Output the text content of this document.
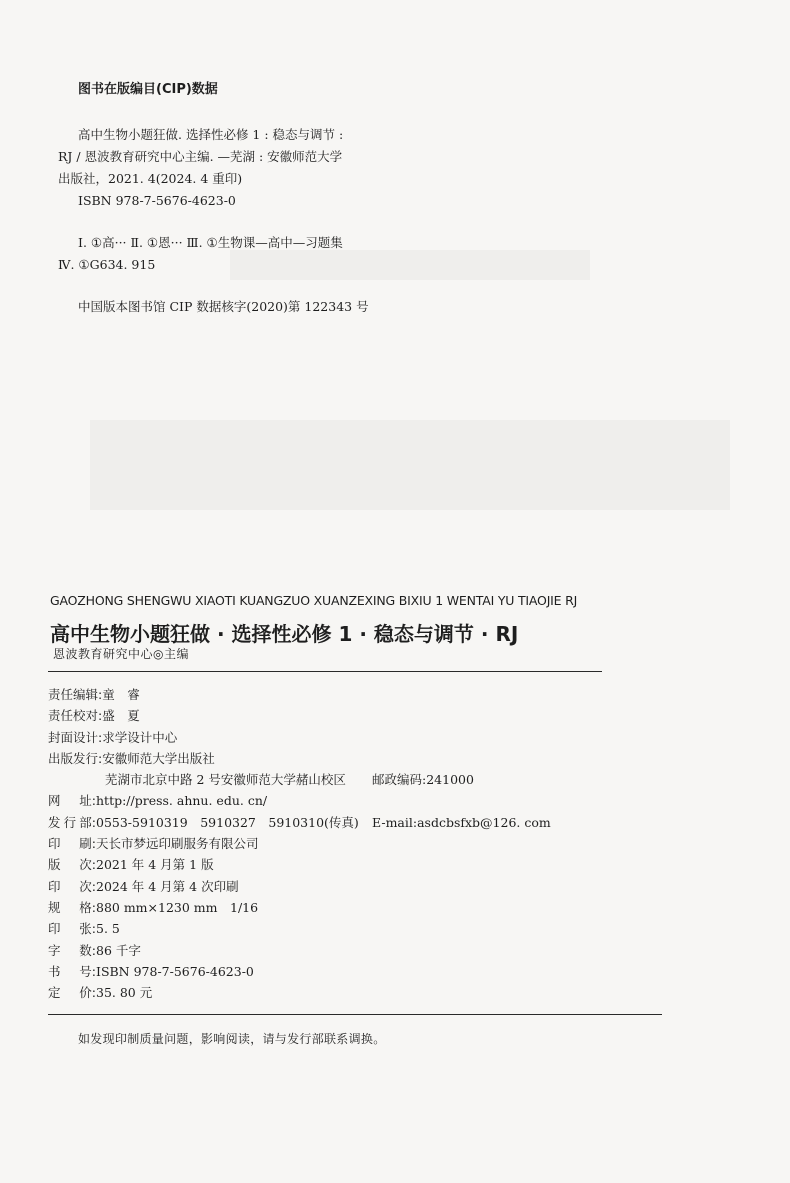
图书在版编目(CIP)数据
高中生物小题狂做. 选择性必修 1 : 稳态与调节 :
RJ / 恩波教育研究中心主编. —芜湖 : 安徽师范大学
出版社，2021. 4(2024. 4 重印)
ISBN 978-7-5676-4623-0
Ⅰ. ①高··· Ⅱ. ①恩··· Ⅲ. ①生物课—高中—习题集
Ⅳ. ①G634. 915
中国版本图书馆 CIP 数据核字(2020)第 122343 号
GAOZHONG SHENGWU XIAOTI KUANGZUO XUANZEXING BIXIU 1 WENTAI YU TIAOJIE RJ
高中生物小题狂做 · 选择性必修 1 · 稳态与调节 · RJ
恩波教育研究中心◎主编
责任编辑:童　睿
责任校对:盛　夏
封面设计:求学设计中心
出版发行:安徽师范大学出版社
芜湖市北京中路 2 号安徽师范大学赭山校区 邮政编码:241000
网 址: http://press. ahnu. edu. cn/
发 行 部: 0553-5910319　5910327　5910310(传真) E-mail:asdcbsfxb@126. com
印 刷: 天长市梦远印刷服务有限公司
版 次: 2021 年 4 月第 1 版
印 次: 2024 年 4 月第 4 次印刷
规 格: 880 mm×1230 mm　1/16
印 张: 5. 5
字 数: 86 千字
书 号: ISBN 978-7-5676-4623-0
定 价: 35. 80 元
如发现印制质量问题，影响阅读，请与发行部联系调换。
